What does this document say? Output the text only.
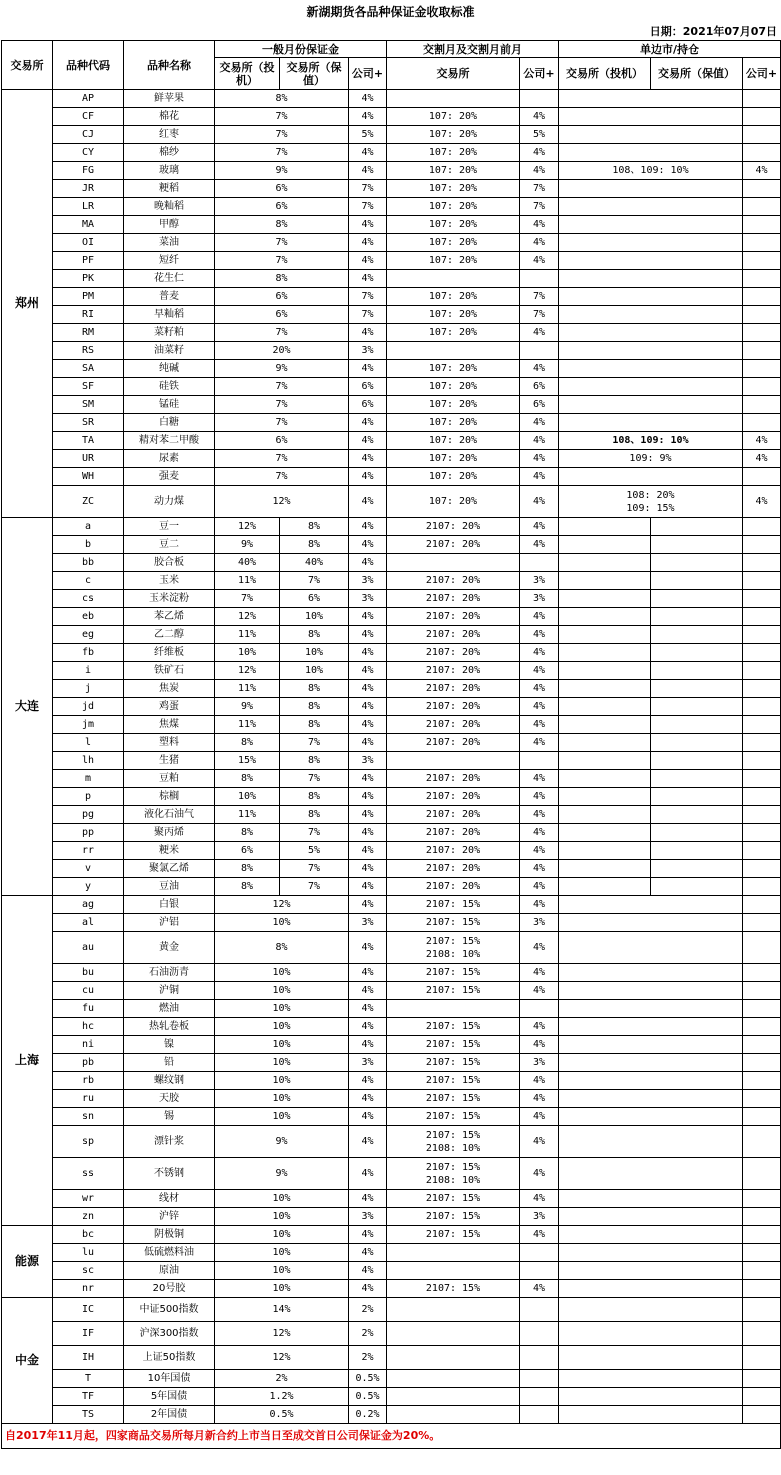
新湖期货各品种保证金收取标准
日期：2021年07月07日
交易所	品种代码	品种名称	一般月份保证金			交割月及交割月前月		单边市/持仓		
			交易所（投机）	交易所（保值）	公司+	交易所	公司+	交易所（投机）	交易所（保值）	公司+
郑州	AP	鲜苹果	8%		4%					
	CF	棉花	7%		4%	107: 20%	4%			
	CJ	红枣	7%		5%	107: 20%	5%			
	CY	棉纱	7%		4%	107: 20%	4%			
	FG	玻璃	9%		4%	107: 20%	4%	108、109: 10%		4%
	JR	粳稻	6%		7%	107: 20%	7%			
	LR	晚籼稻	6%		7%	107: 20%	7%			
	MA	甲醇	8%		4%	107: 20%	4%			
	OI	菜油	7%		4%	107: 20%	4%			
	PF	短纤	7%		4%	107: 20%	4%			
	PK	花生仁	8%		4%					
	PM	普麦	6%		7%	107: 20%	7%			
	RI	早籼稻	6%		7%	107: 20%	7%			
	RM	菜籽粕	7%		4%	107: 20%	4%			
	RS	油菜籽	20%		3%					
	SA	纯碱	9%		4%	107: 20%	4%			
	SF	硅铁	7%		6%	107: 20%	6%			
	SM	锰硅	7%		6%	107: 20%	6%			
	SR	白糖	7%		4%	107: 20%	4%			
	TA	精对苯二甲酸	6%		4%	107: 20%	4%	108、109: 10%		4%
	UR	尿素	7%		4%	107: 20%	4%	109: 9%		4%
	WH	强麦	7%		4%	107: 20%	4%			
	ZC	动力煤	12%		4%	107: 20%	4%	108: 20%
109: 15%		4%
大连	a	豆一	12%	8%	4%	2107: 20%	4%			
	b	豆二	9%	8%	4%	2107: 20%	4%			
	bb	胶合板	40%	40%	4%					
	c	玉米	11%	7%	3%	2107: 20%	3%			
	cs	玉米淀粉	7%	6%	3%	2107: 20%	3%			
	eb	苯乙烯	12%	10%	4%	2107: 20%	4%			
	eg	乙二醇	11%	8%	4%	2107: 20%	4%			
	fb	纤维板	10%	10%	4%	2107: 20%	4%			
	i	铁矿石	12%	10%	4%	2107: 20%	4%			
	j	焦炭	11%	8%	4%	2107: 20%	4%			
	jd	鸡蛋	9%	8%	4%	2107: 20%	4%			
	jm	焦煤	11%	8%	4%	2107: 20%	4%			
	l	塑料	8%	7%	4%	2107: 20%	4%			
	lh	生猪	15%	8%	3%					
	m	豆粕	8%	7%	4%	2107: 20%	4%			
	p	棕榈	10%	8%	4%	2107: 20%	4%			
	pg	液化石油气	11%	8%	4%	2107: 20%	4%			
	pp	聚丙烯	8%	7%	4%	2107: 20%	4%			
	rr	粳米	6%	5%	4%	2107: 20%	4%			
	v	聚氯乙烯	8%	7%	4%	2107: 20%	4%			
	y	豆油	8%	7%	4%	2107: 20%	4%			
上海	ag	白银	12%		4%	2107: 15%	4%			
	al	沪铝	10%		3%	2107: 15%	3%			
	au	黄金	8%		4%	2107: 15%
2108: 10%	4%			
	bu	石油沥青	10%		4%	2107: 15%	4%			
	cu	沪铜	10%		4%	2107: 15%	4%			
	fu	燃油	10%		4%					
	hc	热轧卷板	10%		4%	2107: 15%	4%			
	ni	镍	10%		4%	2107: 15%	4%			
	pb	铅	10%		3%	2107: 15%	3%			
	rb	螺纹钢	10%		4%	2107: 15%	4%			
	ru	天胶	10%		4%	2107: 15%	4%			
	sn	锡	10%		4%	2107: 15%	4%			
	sp	漂针浆	9%		4%	2107: 15%
2108: 10%	4%			
	ss	不锈钢	9%		4%	2107: 15%
2108: 10%	4%			
	wr	线材	10%		4%	2107: 15%	4%			
	zn	沪锌	10%		3%	2107: 15%	3%			
能源	bc	阴极铜	10%		4%	2107: 15%	4%			
	lu	低硫燃料油	10%		4%					
	sc	原油	10%		4%					
	nr	20号胶	10%		4%	2107: 15%	4%			
中金	IC	中证500指数	14%		2%					
	IF	沪深300指数	12%		2%					
	IH	上证50指数	12%		2%					
	T	10年国债	2%		0.5%					
	TF	5年国债	1.2%		0.5%					
	TS	2年国债	0.5%		0.2%					
自2017年11月起，四家商品交易所每月新合约上市当日至成交首日公司保证金为20%。
